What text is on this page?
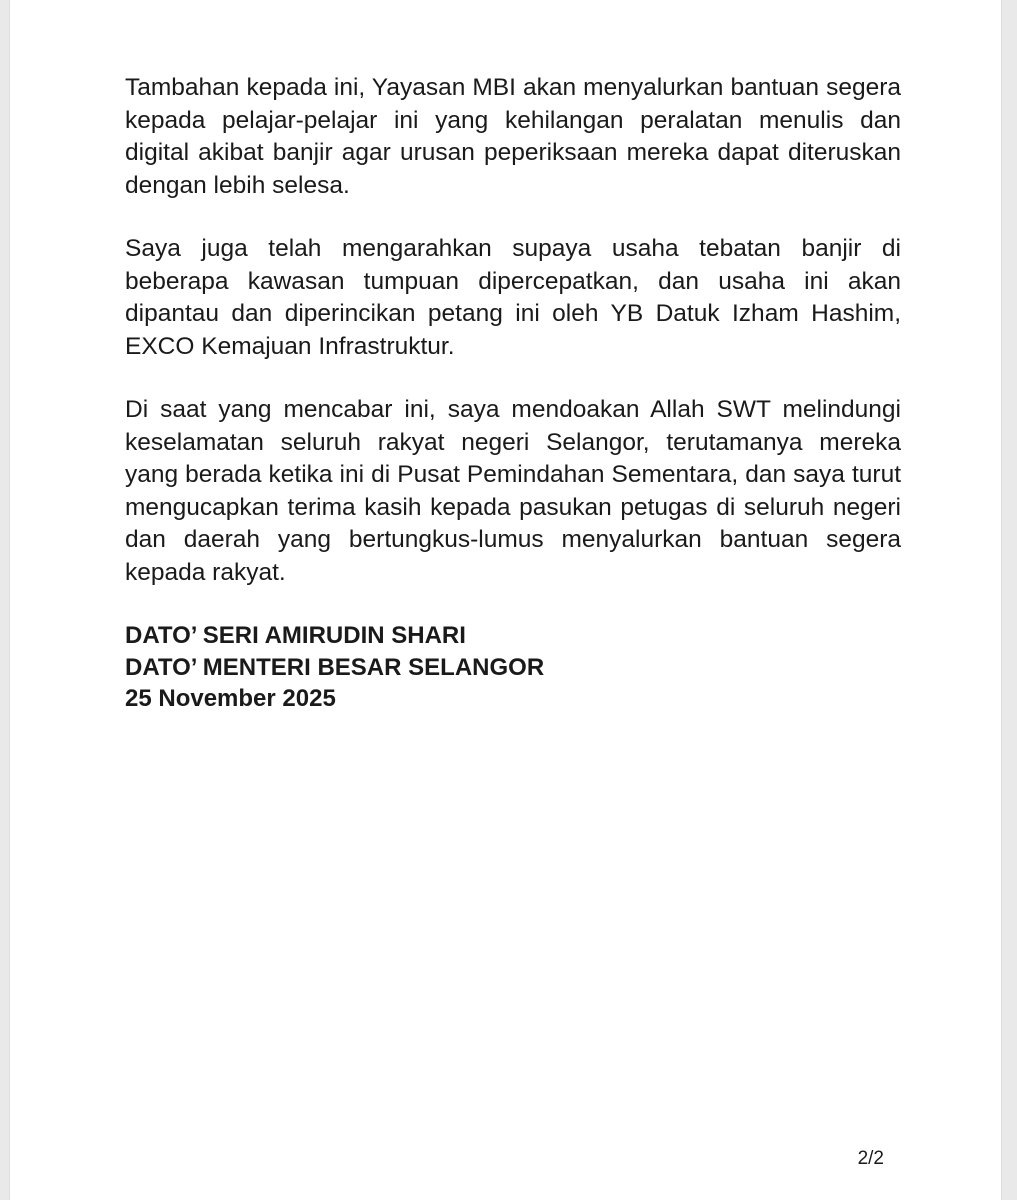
Tambahan kepada ini, Yayasan MBI akan menyalurkan bantuan segera kepada pelajar-pelajar ini yang kehilangan peralatan menulis dan digital akibat banjir agar urusan peperiksaan mereka dapat diteruskan dengan lebih selesa.

Saya juga telah mengarahkan supaya usaha tebatan banjir di beberapa kawasan tumpuan dipercepatkan, dan usaha ini akan dipantau dan diperincikan petang ini oleh YB Datuk Izham Hashim, EXCO Kemajuan Infrastruktur.

Di saat yang mencabar ini, saya mendoakan Allah SWT melindungi keselamatan seluruh rakyat negeri Selangor, terutamanya mereka yang berada ketika ini di Pusat Pemindahan Sementara, dan saya turut mengucapkan terima kasih kepada pasukan petugas di seluruh negeri dan daerah yang bertungkus-lumus menyalurkan bantuan segera kepada rakyat.

DATO’ SERI AMIRUDIN SHARI
DATO’ MENTERI BESAR SELANGOR
25 November 2025
2/2
